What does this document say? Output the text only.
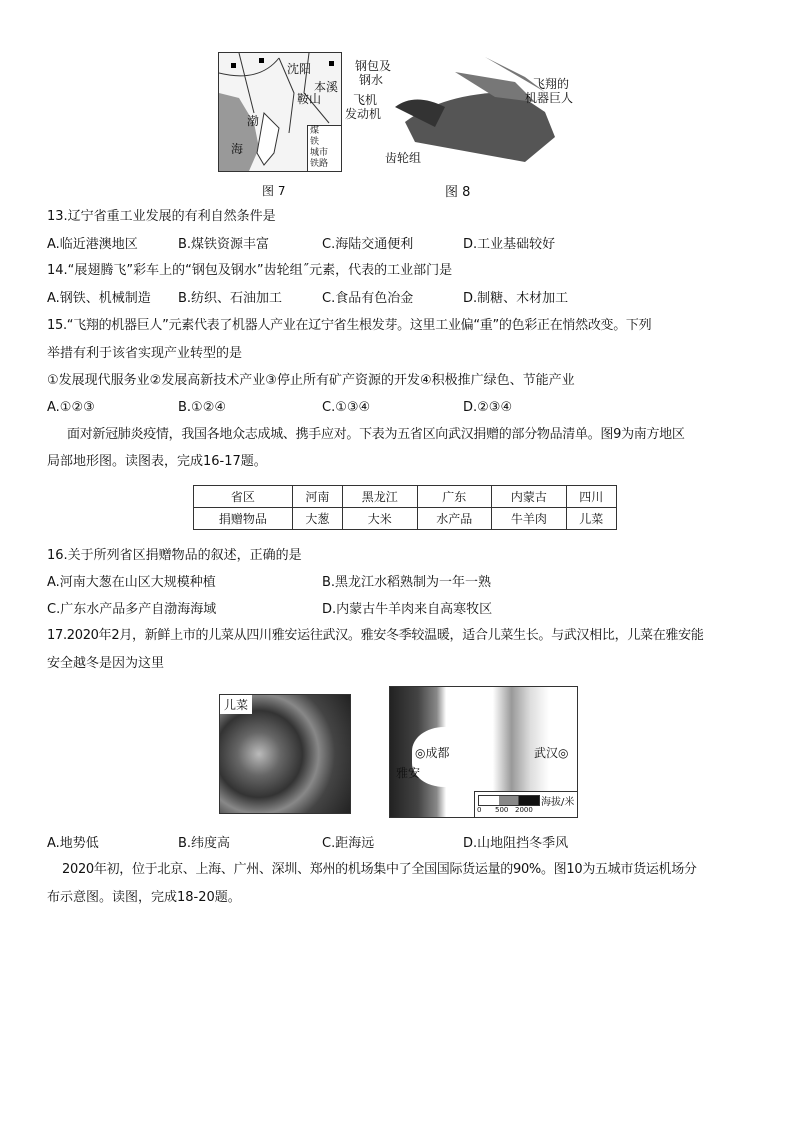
沈阳
本溪
鞍山
渤
海
煤
铁
城市
铁路
图 7
钢包及
钢水
飞机
发动机
飞翔的
机器巨人
齿轮组
图 8
13.辽宁省重工业发展的有利自然条件是
A.临近港澳地区	B.煤铁资源丰富	C.海陆交通便利	D.工业基础较好
14.“展翅腾飞”彩车上的“钢包及钢水”齿轮组˝元素，代表的工业部门是
A.钢铁、机械制造 B.纺织、石油加工	C.食品有色冶金	D.制糖、木材加工
15.“飞翔的机器巨人”元素代表了机器人产业在辽宁省生根发芽。这里工业偏“重”的色彩正在悄然改变。下列
举措有利于该省实现产业转型的是
①发展现代服务业②发展高新技术产业③停止所有矿产资源的开发④积极推广绿色、节能产业
A.①②③	B.①②④	C.①③④	D.②③④
面对新冠肺炎疫情，我国各地众志成城、携手应对。下表为五省区向武汉捐赠的部分物品清单。图9为南方地区
局部地形图。读图表，完成16-17题。
省区	河南	黑龙江	广东	内蒙古	四川
捐赠物品	大葱	大米	水产品	牛羊肉	儿菜
16.关于所列省区捐赠物品的叙述，正确的是
A.河南大葱在山区大规模种植	B.黑龙江水稻熟制为一年一熟
C.广东水产品多产自渤海海域	D.内蒙古牛羊肉来自高寒牧区
17.2020年2月，新鲜上市的儿菜从四川雅安运往武汉。雅安冬季较温暖，适合儿菜生长。与武汉相比，儿菜在雅安能
安全越冬是因为这里
儿菜
◎成都	武汉◎
雅安
海拔/米
0 500 2000
A.地势低	B.纬度高	C.距海远	D.山地阻挡冬季风
2020年初，位于北京、上海、广州、深圳、郑州的机场集中了全国国际货运量的90%。图10为五城市货运机场分
布示意图。读图，完成18-20题。
